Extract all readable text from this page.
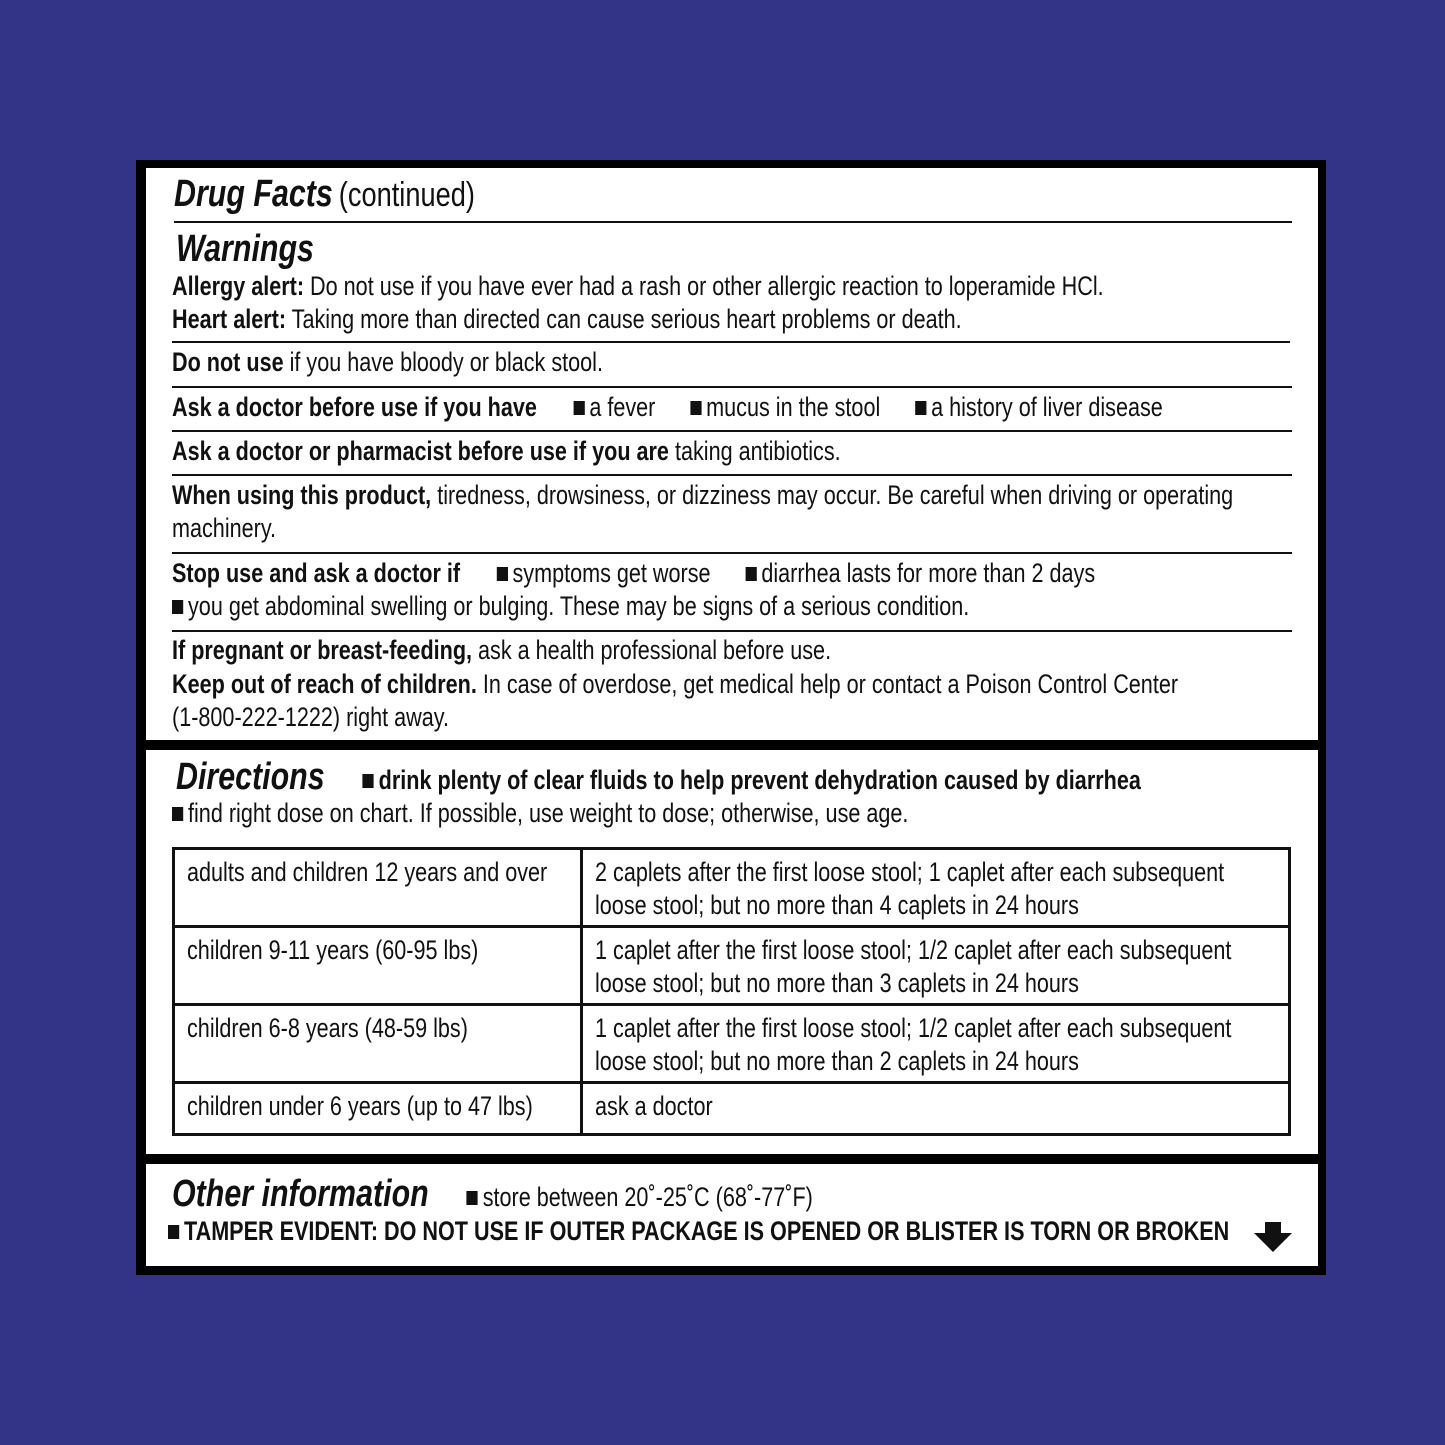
Drug Facts (continued)
Warnings
Allergy alert: Do not use if you have ever had a rash or other allergic reaction to loperamide HCl.
Heart alert: Taking more than directed can cause serious heart problems or death.
Do not use if you have bloody or black stool.
Ask a doctor before use if you have a fever mucus in the stool a history of liver disease
Ask a doctor or pharmacist before use if you are taking antibiotics.
When using this product, tiredness, drowsiness, or dizziness may occur. Be careful when driving or operating
machinery.
Stop use and ask a doctor if symptoms get worse diarrhea lasts for more than 2 days
you get abdominal swelling or bulging. These may be signs of a serious condition.
If pregnant or breast-feeding, ask a health professional before use.
Keep out of reach of children. In case of overdose, get medical help or contact a Poison Control Center
(1-800-222-1222) right away.
Directions drink plenty of clear fluids to help prevent dehydration caused by diarrhea
find right dose on chart. If possible, use weight to dose; otherwise, use age.
adults and children 12 years and over	2 caplets after the first loose stool; 1 caplet after each subsequent loose stool; but no more than 4 caplets in 24 hours
children 9-11 years (60-95 lbs)	1 caplet after the first loose stool; 1/2 caplet after each subsequent loose stool; but no more than 3 caplets in 24 hours
children 6-8 years (48-59 lbs)	1 caplet after the first loose stool; 1/2 caplet after each subsequent loose stool; but no more than 2 caplets in 24 hours
children under 6 years (up to 47 lbs)	ask a doctor
Other information store between 20˚-25˚C (68˚-77˚F)
TAMPER EVIDENT: DO NOT USE IF OUTER PACKAGE IS OPENED OR BLISTER IS TORN OR BROKEN
